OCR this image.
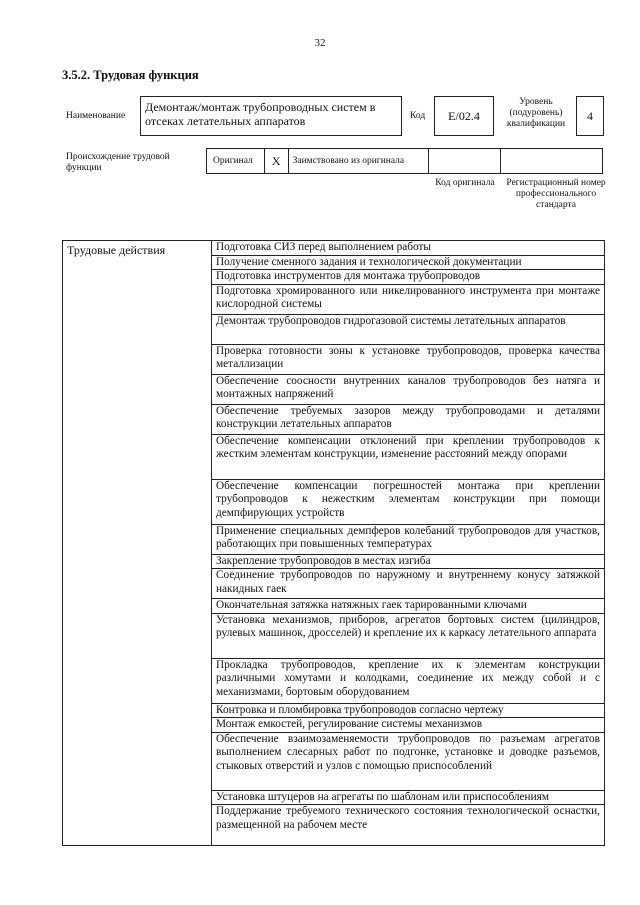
32
3.5.2. Трудовая функция
Наименование
Демонтаж/монтаж трубопроводных систем в отсеках летательных аппаратов	Код	Е/02.4
Уровень (подуровень) квалификации
4
Происхождение трудовой функции
Оригинал	Х	Заимствовано из оригинала
Код оригинала	Регистрационный номер профессионального стандарта
Трудовые действия	Подготовка СИЗ перед выполнением работы
Получение сменного задания и технологической документации
Подготовка инструментов для монтажа трубопроводов
Подготовка хромированного или никелированного инструмента при монтаже кислородной системы
Демонтаж трубопроводов гидрогазовой системы летательных аппаратов
Проверка готовности зоны к установке трубопроводов, проверка качества металлизации
Обеспечение соосности внутренних каналов трубопроводов без натяга и монтажных напряжений
Обеспечение требуемых зазоров между трубопроводами и деталями конструкции летательных аппаратов
Обеспечение компенсации отклонений при креплении трубопроводов к жестким элементам конструкции, изменение расстояний между опорами
Обеспечение компенсации погрешностей монтажа при креплении трубопроводов к нежестким элементам конструкции при помощи демпфирующих устройств
Применение специальных демпферов колебаний трубопроводов для участков, работающих при повышенных температурах
Закрепление трубопроводов в местах изгиба
Соединение трубопроводов по наружному и внутреннему конусу затяжкой накидных гаек
Окончательная затяжка натяжных гаек тарированными ключами
Установка механизмов, приборов, агрегатов бортовых систем (цилиндров, рулевых машинок, дросселей) и крепление их к каркасу летательного аппарата
Прокладка трубопроводов, крепление их к элементам конструкции различными хомутами и колодками, соединение их между собой и с механизмами, бортовым оборудованием
Контровка и пломбировка трубопроводов согласно чертежу
Монтаж емкостей, регулирование системы механизмов
Обеспечение взаимозаменяемости трубопроводов по разъемам агрегатов выполнением слесарных работ по подгонке, установке и доводке разъемов, стыковых отверстий и узлов с помощью приспособлений
Установка штуцеров на агрегаты по шаблонам или приспособлениям
Поддержание требуемого технического состояния технологической оснастки, размещенной на рабочем месте
